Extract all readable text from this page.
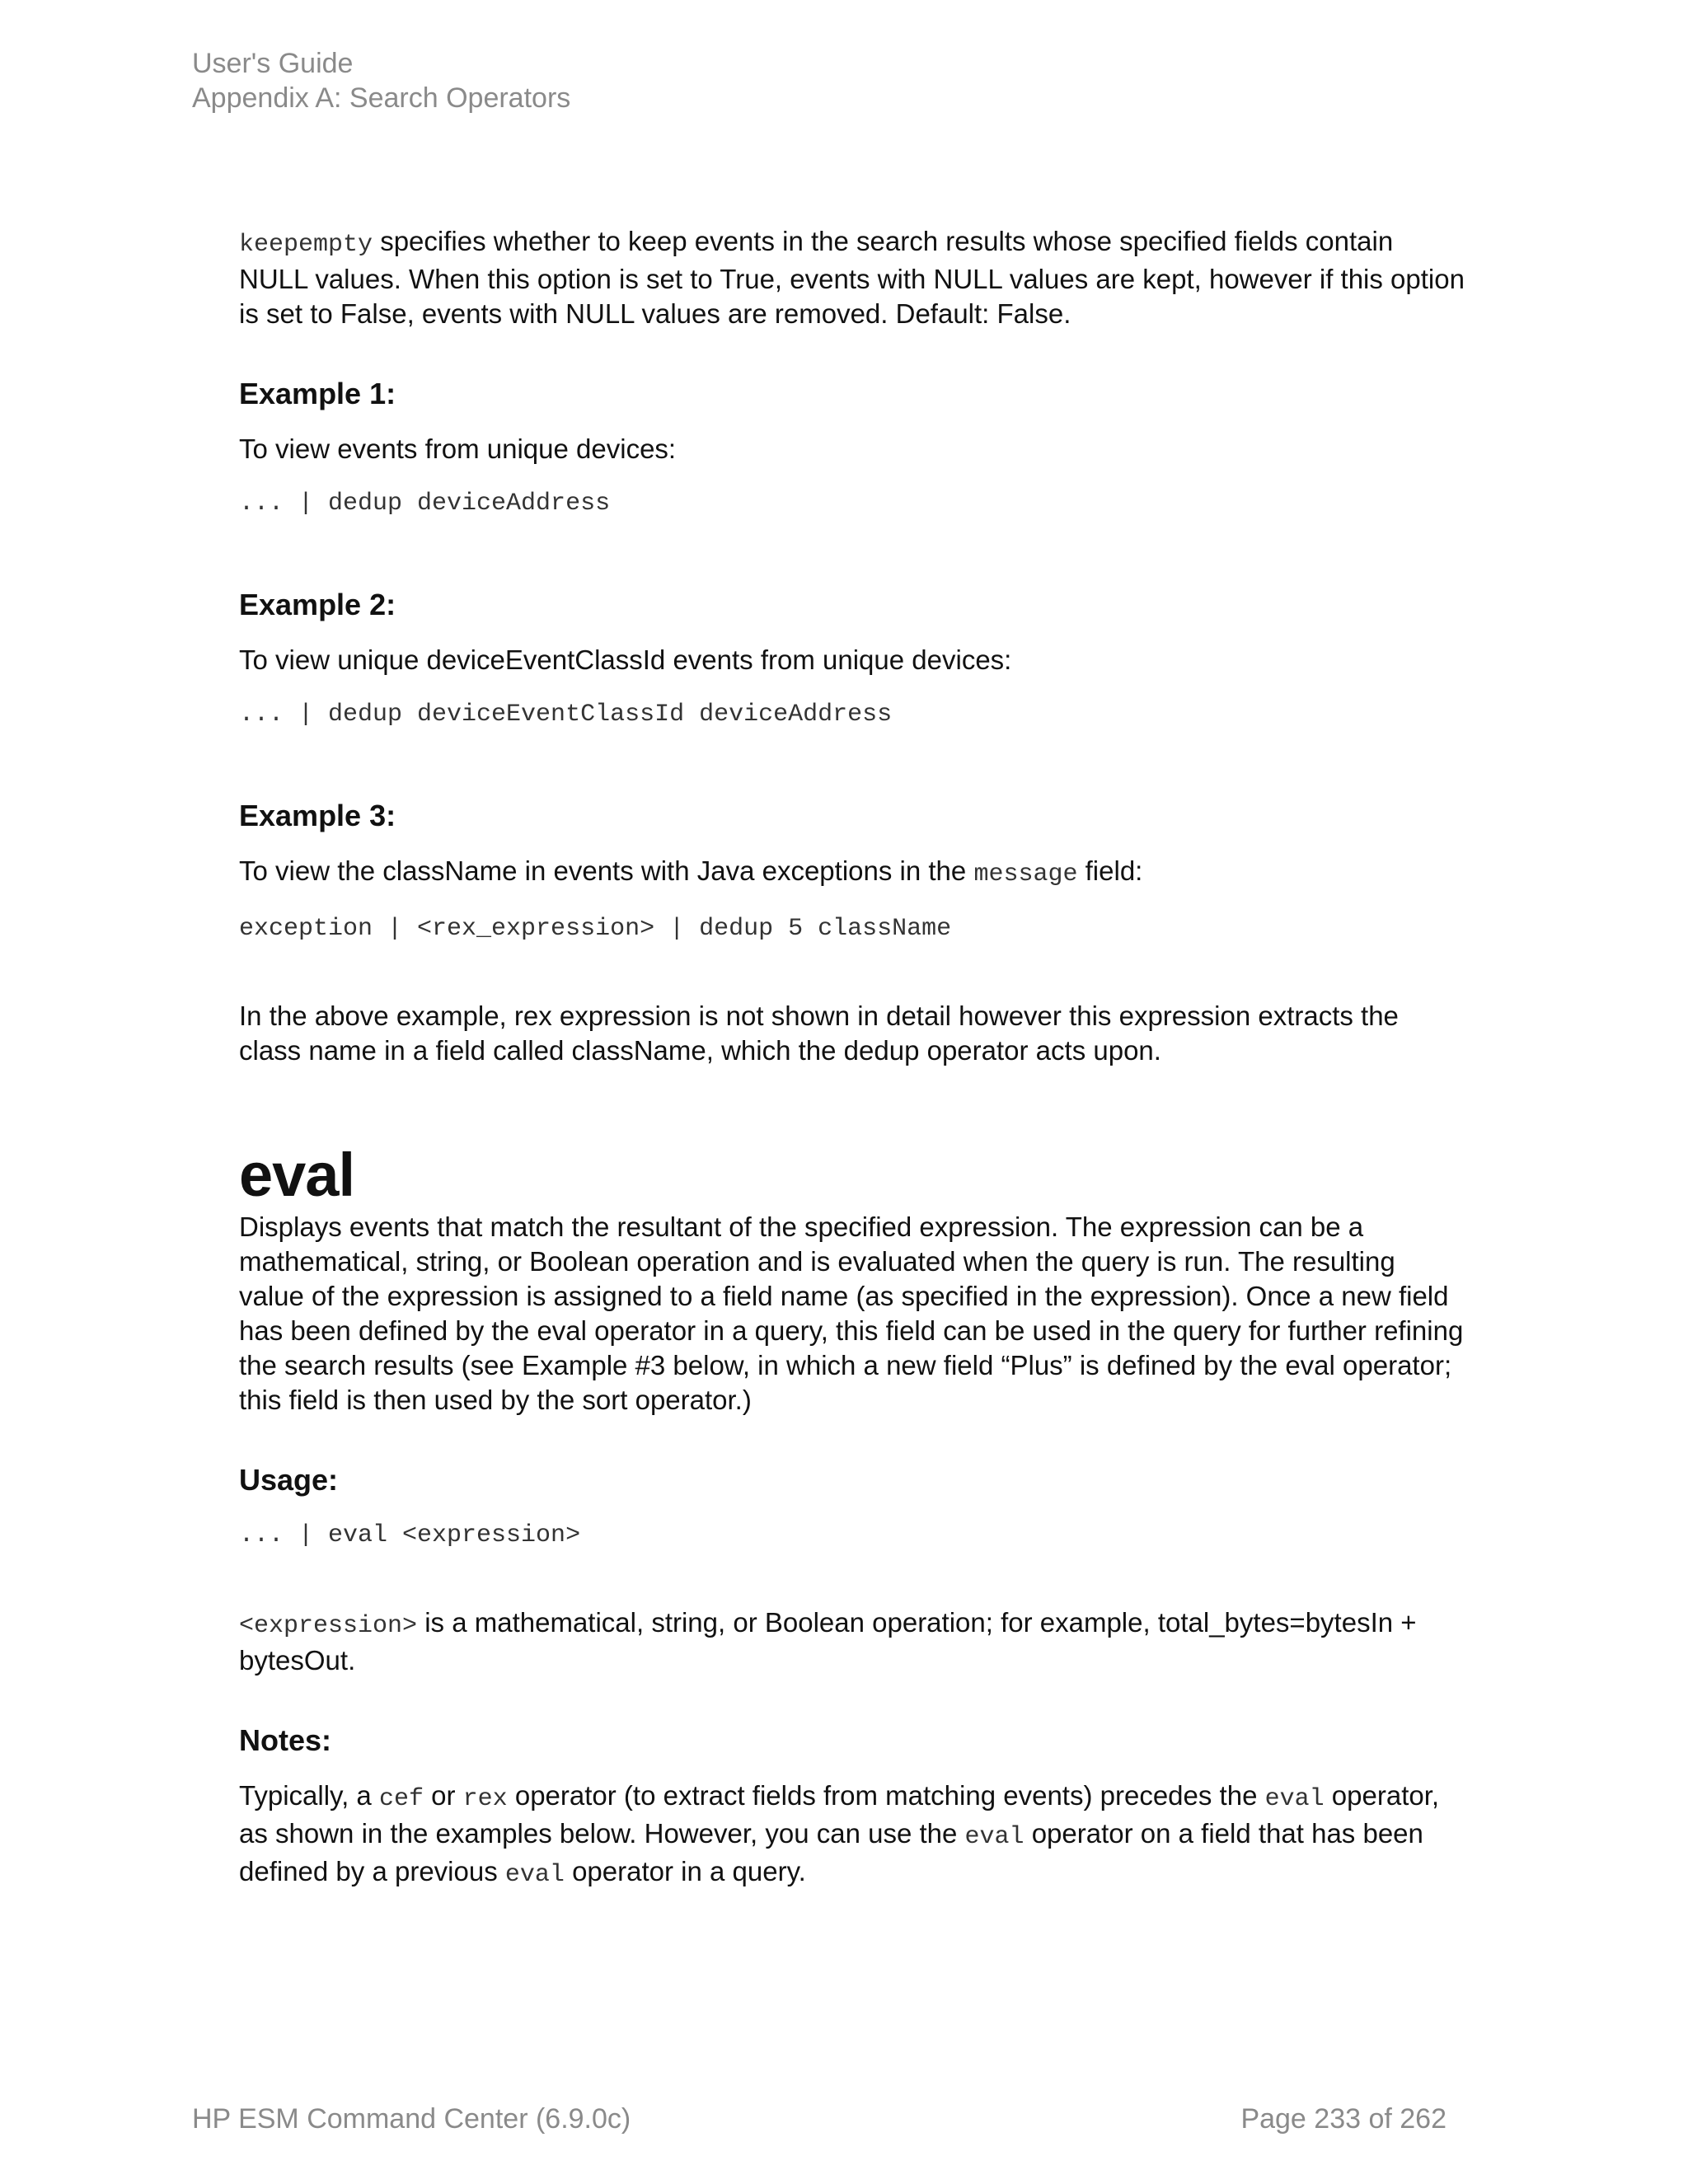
User's Guide
Appendix A: Search Operators

keepempty specifies whether to keep events in the search results whose specified fields contain NULL values. When this option is set to True, events with NULL values are kept, however if this option is set to False, events with NULL values are removed. Default: False.

Example 1:

To view events from unique devices:

... | dedup deviceAddress
Example 2:

To view unique deviceEventClassId events from unique devices:

... | dedup deviceEventClassId deviceAddress
Example 3:

To view the className in events with Java exceptions in the message field:

exception | <rex_expression> | dedup 5 className

In the above example, rex expression is not shown in detail however this expression extracts the class name in a field called className, which the dedup operator acts upon.

eval

Displays events that match the resultant of the specified expression. The expression can be a mathematical, string, or Boolean operation and is evaluated when the query is run. The resulting value of the expression is assigned to a field name (as specified in the expression). Once a new field has been defined by the eval operator in a query, this field can be used in the query for further refining the search results (see Example #3 below, in which a new field “Plus” is defined by the eval operator; this field is then used by the sort operator.)

Usage:
... | eval <expression>

<expression> is a mathematical, string, or Boolean operation; for example, total_bytes=bytesIn + bytesOut.

Notes:

Typically, a cef or rex operator (to extract fields from matching events) precedes the eval operator, as shown in the examples below. However, you can use the eval operator on a field that has been defined by a previous eval operator in a query.

HP ESM Command Center (6.9.0c)	Page 233 of 262
